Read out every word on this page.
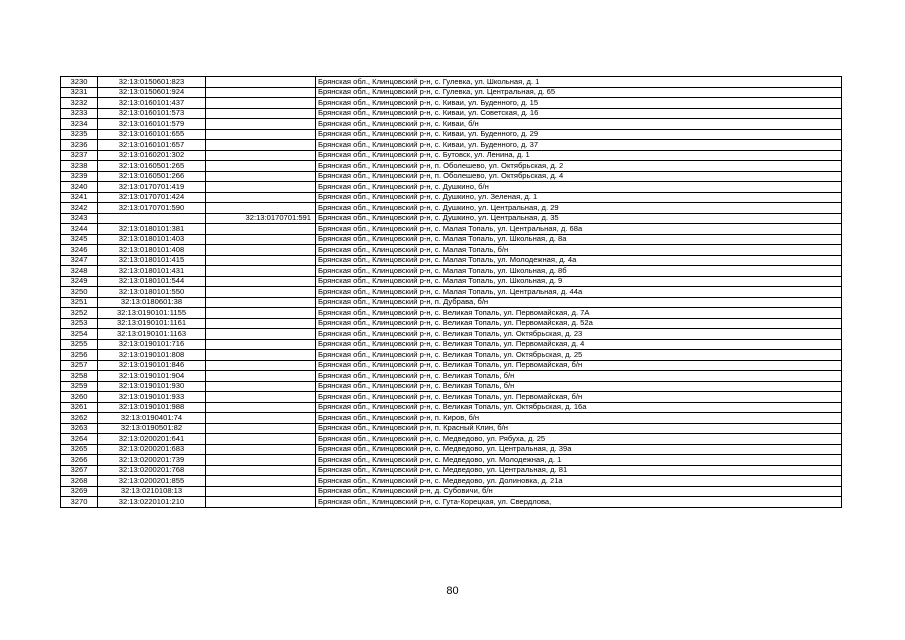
3230	32:13:0150601:823		Брянская обл., Клинцовский р-н, с. Гулевка, ул. Школьная, д. 1
3231	32:13:0150601:924		Брянская обл., Клинцовский р-н, с. Гулевка, ул. Центральная, д. 65
3232	32:13:0160101:437		Брянская обл., Клинцовский р-н, с. Киваи, ул. Буденного, д. 15
3233	32:13:0160101:573		Брянская обл., Клинцовский р-н, с. Киваи, ул. Советская, д. 16
3234	32:13:0160101:579		Брянская обл., Клинцовский р-н, с. Киваи, б/н
3235	32:13:0160101:655		Брянская обл., Клинцовский р-н, с. Киваи, ул. Буденного, д. 29
3236	32:13:0160101:657		Брянская обл., Клинцовский р-н, с. Киваи, ул. Буденного, д. 37
3237	32:13:0160201:302		Брянская обл., Клинцовский р-н, с. Бутовск, ул. Ленина, д. 1
3238	32:13:0160501:265		Брянская обл., Клинцовский р-н, п. Оболешево, ул. Октябрьская, д. 2
3239	32:13:0160501:266		Брянская обл., Клинцовский р-н, п. Оболешево, ул. Октябрьская, д. 4
3240	32:13:0170701:419		Брянская обл., Клинцовский р-н, с. Душкино, б/н
3241	32:13:0170701:424		Брянская обл., Клинцовский р-н, с. Душкино, ул. Зеленая, д. 1
3242	32:13:0170701:590		Брянская обл., Клинцовский р-н, с. Душкино, ул. Центральная, д. 29
3243		32:13:0170701:591	Брянская обл., Клинцовский р-н, с. Душкино, ул. Центральная, д. 35
3244	32:13:0180101:381		Брянская обл., Клинцовский р-н, с. Малая Топаль, ул. Центральная, д. 68а
3245	32:13:0180101:403		Брянская обл., Клинцовский р-н, с. Малая Топаль, ул. Школьная, д. 8а
3246	32:13:0180101:408		Брянская обл., Клинцовский р-н, с. Малая Топаль, б/н
3247	32:13:0180101:415		Брянская обл., Клинцовский р-н, с. Малая Топаль, ул. Молодежная, д. 4а
3248	32:13:0180101:431		Брянская обл., Клинцовский р-н, с. Малая Топаль, ул. Школьная, д. 8б
3249	32:13:0180101:544		Брянская обл., Клинцовский р-н, с. Малая Топаль, ул. Школьная, д. 9
3250	32:13:0180101:550		Брянская обл., Клинцовский р-н, с. Малая Топаль, ул. Центральная, д. 44а
3251	32:13:0180601:38		Брянская обл., Клинцовский р-н, п. Дубрава, б/н
3252	32:13:0190101:1155		Брянская обл., Клинцовский р-н, с. Великая Топаль, ул. Первомайская, д. 7А
3253	32:13:0190101:1161		Брянская обл., Клинцовский р-н, с. Великая Топаль, ул. Первомайская, д. 52а
3254	32:13:0190101:1163		Брянская обл., Клинцовский р-н, с. Великая Топаль, ул. Октябрьская, д. 23
3255	32:13:0190101:716		Брянская обл., Клинцовский р-н, с. Великая Топаль, ул. Первомайская, д. 4
3256	32:13:0190101:808		Брянская обл., Клинцовский р-н, с. Великая Топаль, ул. Октябрьская, д. 25
3257	32:13:0190101:846		Брянская обл., Клинцовский р-н, с. Великая Топаль, ул. Первомайская, б/н
3258	32:13:0190101:904		Брянская обл., Клинцовский р-н, с. Великая Топаль, б/н
3259	32:13:0190101:930		Брянская обл., Клинцовский р-н, с. Великая Топаль, б/н
3260	32:13:0190101:933		Брянская обл., Клинцовский р-н, с. Великая Топаль, ул. Первомайская, б/н
3261	32:13:0190101:988		Брянская обл., Клинцовский р-н, с. Великая Топаль, ул. Октябрьская, д. 16а
3262	32:13:0190401:74		Брянская обл., Клинцовский р-н, п. Киров, б/н
3263	32:13:0190501:82		Брянская обл., Клинцовский р-н, п. Красный Клин, б/н
3264	32:13:0200201:641		Брянская обл., Клинцовский р-н, с. Медведово, ул. Рябуха, д. 25
3265	32:13:0200201:683		Брянская обл., Клинцовский р-н, с. Медведово, ул. Центральная, д. 39а
3266	32:13:0200201:739		Брянская обл., Клинцовский р-н, с. Медведово, ул. Молодежная, д. 1
3267	32:13:0200201:768		Брянская обл., Клинцовский р-н, с. Медведово, ул. Центральная, д. 81
3268	32:13:0200201:855		Брянская обл., Клинцовский р-н, с. Медведово, ул. Долиновка, д. 21а
3269	32:13:0210108:13		Брянская обл., Клинцовский р-н, д. Субовичи, б/н
3270	32:13:0220101:210		Брянская обл., Клинцовский р-н, с. Гута-Корецкая, ул. Свердлова,
80
